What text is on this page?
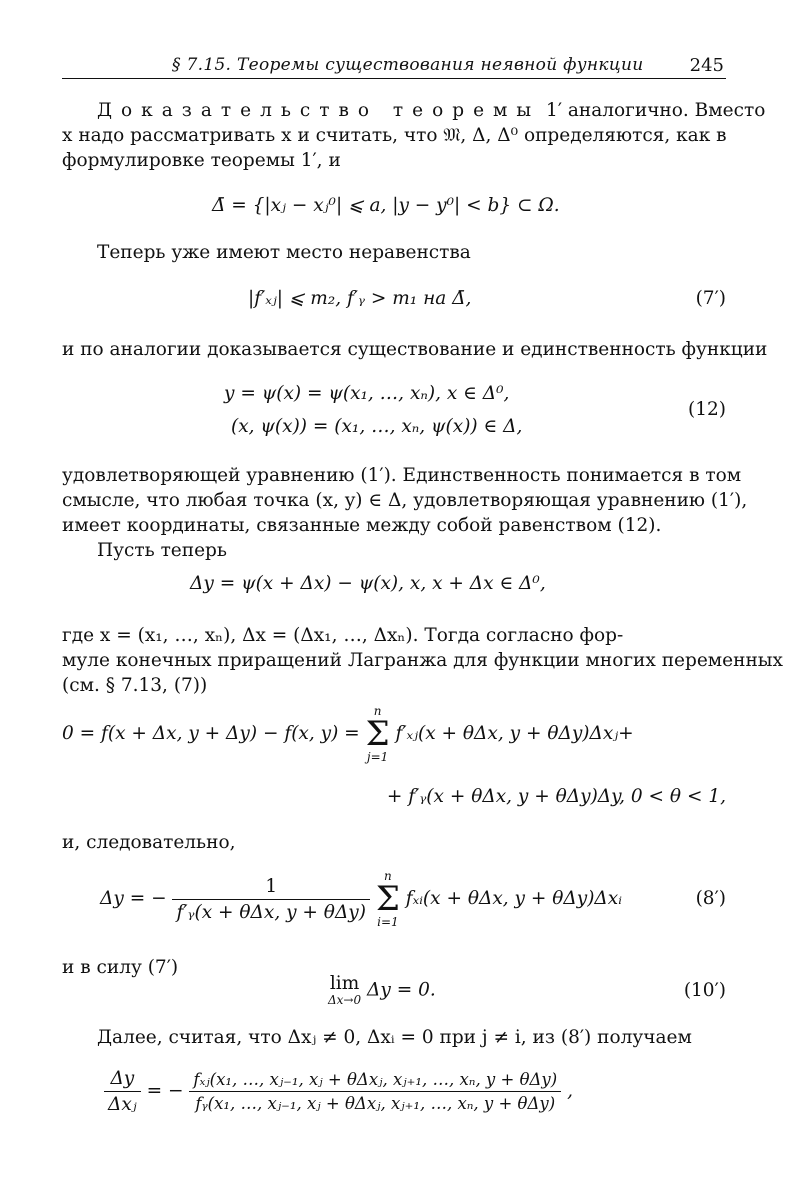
§ 7.15. Теоремы существования неявной функции	245
Доказательство теоремы 1′ аналогично. Вместо
x надо рассматривать x и считать, что 𝔐, Δ, Δ⁰ определяются, как в
формулировке теоремы 1′, и
Δ̄ = {|xⱼ − xⱼ⁰| ⩽ a, |y − y⁰| < b} ⊂ Ω.
Теперь уже имеют место неравенства
|f′ₓⱼ| ⩽ m₂, f′ᵧ > m₁ на Δ̄,	(7′)
и по аналогии доказывается существование и единственность функции
y = ψ(x) = ψ(x₁, …, xₙ), x ∈ Δ⁰,
(x, ψ(x)) = (x₁, …, xₙ, ψ(x)) ∈ Δ,
(12)
удовлетворяющей уравнению (1′). Единственность понимается в том
смысле, что любая точка (x, y) ∈ Δ, удовлетворяющая уравнению (1′),
имеет координаты, связанные между собой равенством (12).
Пусть теперь
Δy = ψ(x + Δx) − ψ(x), x, x + Δx ∈ Δ⁰,
где x = (x₁, …, xₙ), Δx = (Δx₁, …, Δxₙ). Тогда согласно фор-
муле конечных приращений Лагранжа для функции многих переменных
(см. § 7.13, (7))
0 = f(x + Δx, y + Δy) − f(x, y) =
n
Σ
j=1
f′ₓⱼ(x + θΔx, y + θΔy)Δxⱼ+
+ f′ᵧ(x + θΔx, y + θΔy)Δy, 0 < θ < 1,
и, следовательно,
Δy = − $\frac{1}{\text{f′ᵧ(x + θΔx, y + θΔy)}}$
	n
Σ
i=1
fₓᵢ(x + θΔx, y + θΔy)Δxᵢ	(8′)
и в силу (7′)
lim
Δx→0 Δy = 0.	(10′)
Далее, считая, что Δxⱼ ≠ 0, Δxᵢ = 0 при j ≠ i, из (8′) получаем
$\frac{\Delta y}{\text{Δxⱼ}}$ = − $\frac{\text{fₓⱼ(x₁, …, xⱼ₋₁, xⱼ + θΔxⱼ, xⱼ₊₁, …, xₙ, y + θΔy)}}{\text{fᵧ(x₁, …, xⱼ₋₁, xⱼ + θΔxⱼ, xⱼ₊₁, …, xₙ, y + θΔy)}}$ ,
